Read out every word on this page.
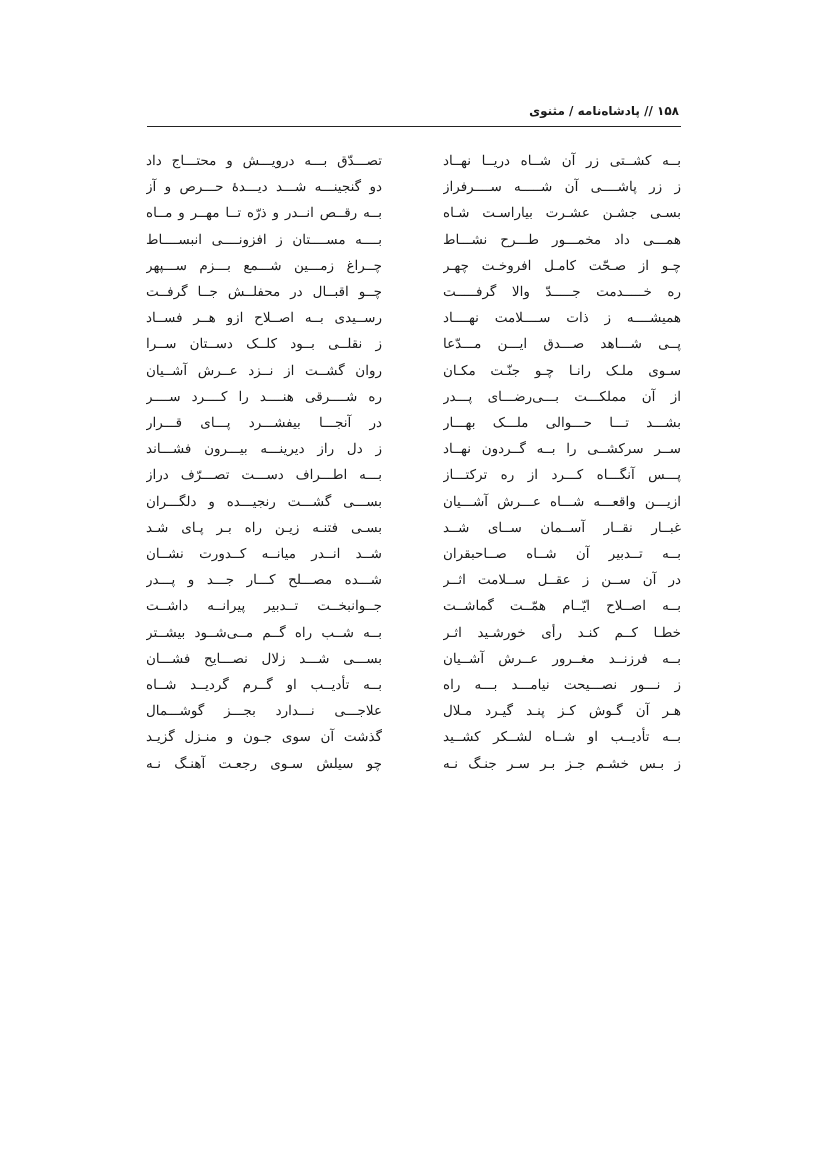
۱۵۸ // پادشاه‌نامه / مثنوی
بــه کشــتی زر آن شــاه دریــا نهــاد
ز زر پاشــــی آن شـــــه ســــرفراز
بسـی جشـن عشـرت بیاراسـت شـاه
همـــی داد مخمـــور طـــرح نشـــاط
چـو از صـحّت کامـل افروخـت چهـر
ره خـــــدمت جـــــدّ والا گرفـــــت
همیشــــه ز ذات ســــلامت نهــــاد
پــی شـــاهد صـــدق ایـــن مـــدّعا
سـوی ملـک رانـا چـو جنّـت مکـان
از آن مملکـــت بـــی‌رضـــای پـــدر
بشـــد تـــا حـــوالی ملـــک بهـــار
ســر سرکشــی را بــه گــردون نهــاد
پـــس آنگـــاه کـــرد از ره ترکتـــاز
ازیـــن واقعـــه شـــاه عـــرش آشـــیان
غبــار نقــار آســمان ســای شــد
بــه تــدبیر آن شــاه صــاحبقران
در آن ســن ز عقــل ســلامت اثــر
بــه اصــلاح ایّــام همّــت گماشــت
خطـا کــم کنـد رأی خورشـید اثـر
بــه فرزنــد مغــرور عــرش آشــیان
ز نـــور نصـــیحت نیامـــد بـــه راه
هـر آن گـوش کـز پنـد گیـرد مـلال
بــه تأدیــب او شــاه لشــکر کشــید
ز بـس خشـم جـز بـر سـر جنـگ نـه
تصـــدّق بـــه درویـــش و محتـــاج داد
دو گنجینـــه شـــد دیـــدۀ حـــرص و آز
بــه رقــص انــدر و ذرّه تــا مهــر و مــاه
بــــه مســــتان ز افزونــــی انبســــاط
چــراغ زمـــین شـــمع بـــزم ســـپهر
چــو اقبــال در محفلــش جــا گرفــت
رســیدی بــه اصــلاح ازو هــر فســاد
ز نقلــی بــود کلــک دســتان ســرا
روان گشــت از نــزد عــرش آشــیان
ره شــــرقی هنــــد را کــــرد ســــر
در آنجـــا بیفشـــرد پـــای قـــرار
ز دل راز دیرینـــه بیـــرون فشـــاند
بـــه اطـــراف دســـت تصـــرّف دراز
بســـی گشـــت رنجیـــده و دلگـــران
بسـی فتنـه زیـن راه بـر پـای شـد
شــد انــدر میانــه کــدورت نشــان
شـــده مصـــلح کـــار جـــد و پـــدر
جــوانبخــت تــدبیر پیرانــه داشــت
بــه شــب راه گــم مــی‌شــود بیشــتر
بســـی شـــد زلال نصـــایح فشـــان
بــه تأدیــب او گــرم گردیــد شــاه
علاجـــی نـــدارد بجـــز گوشـــمال
گذشت آن سوی جـون و منـزل گزیـد
چو سیلش سـوی رجعـت آهنـگ نـه
